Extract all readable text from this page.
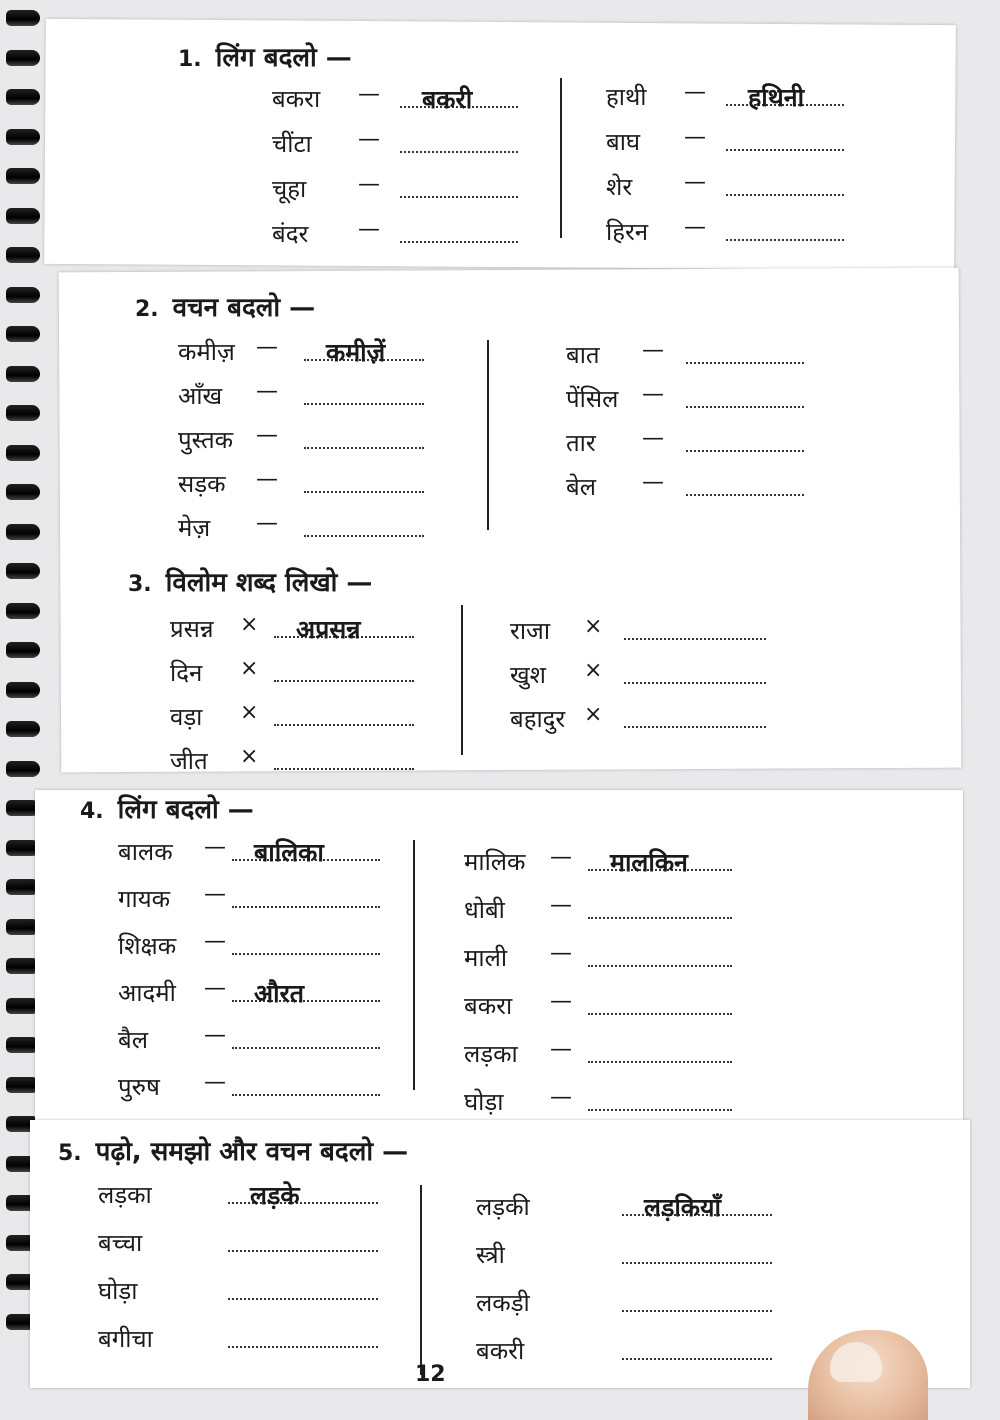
1. लिंग बदलो —
बकरा — बकरी
चींटा —
चूहा —
बंदर —
हाथी — हथिनी
बाघ —
शेर —
हिरन —
2. वचन बदलो —
कमीज़ — कमीज़ें
आँख —
पुस्तक —
सड़क —
मेज़ —
बात —
पेंसिल —
तार —
बेल —
3. विलोम शब्द लिखो —
प्रसन्न × अप्रसन्न
दिन ×
वड़ा ×
जीत ×
राजा ×
खुश ×
बहादुर ×
4. लिंग बदलो —
बालक — बालिका
गायक —
शिक्षक —
आदमी — औरत
बैल	—
पुरुष —
मालिक — मालकिन
धोबी —
माली —
बकरा —
लड़का —
घोड़ा —
5. पढ़ो, समझो और वचन बदलो —
लड़का	लड़के
बच्चा
घोड़ा
बगीचा
लड़की	लड़कियाँ
स्त्री
लकड़ी
बकरी
12
